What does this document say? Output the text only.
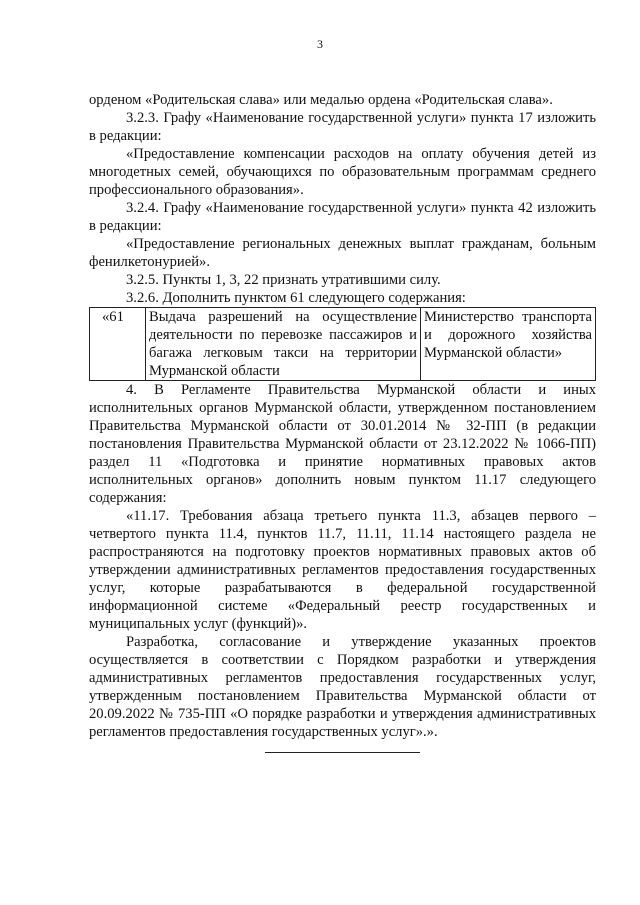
3

орденом «Родительская слава» или медалью ордена «Родительская слава».

3.2.3. Графу «Наименование государственной услуги» пункта 17 изложить в редакции:

«Предоставление компенсации расходов на оплату обучения детей из многодетных семей, обучающихся по образовательным программам среднего профессионального образования».

3.2.4. Графу «Наименование государственной услуги» пункта 42 изложить в редакции:

«Предоставление региональных денежных выплат гражданам, больным фенилкетонурией».

3.2.5. Пункты 1, 3, 22 признать утратившими силу.

3.2.6. Дополнить пунктом 61 следующего содержания:

«61	Выдача разрешений на осуществление деятельности по перевозке пассажиров и багажа легковым такси на территории Мурманской области	Министерство транспорта и дорожного хозяйства Мурманской области»

4. В Регламенте Правительства Мурманской области и иных исполнительных органов Мурманской области, утвержденном постановлением Правительства Мурманской области от 30.01.2014 № 32-ПП (в редакции постановления Правительства Мурманской области от 23.12.2022 № 1066-ПП) раздел 11 «Подготовка и принятие нормативных правовых актов исполнительных органов» дополнить новым пунктом 11.17 следующего содержания:

«11.17. Требования абзаца третьего пункта 11.3, абзацев первого – четвертого пункта 11.4, пунктов 11.7, 11.11, 11.14 настоящего раздела не распространяются на подготовку проектов нормативных правовых актов об утверждении административных регламентов предоставления государственных услуг, которые разрабатываются в федеральной государственной информационной системе «Федеральный реестр государственных и муниципальных услуг (функций)».

Разработка, согласование и утверждение указанных проектов осуществляется в соответствии с Порядком разработки и утверждения административных регламентов предоставления государственных услуг, утвержденным постановлением Правительства Мурманской области от 20.09.2022 № 735-ПП «О порядке разработки и утверждения административных регламентов предоставления государственных услуг».».
